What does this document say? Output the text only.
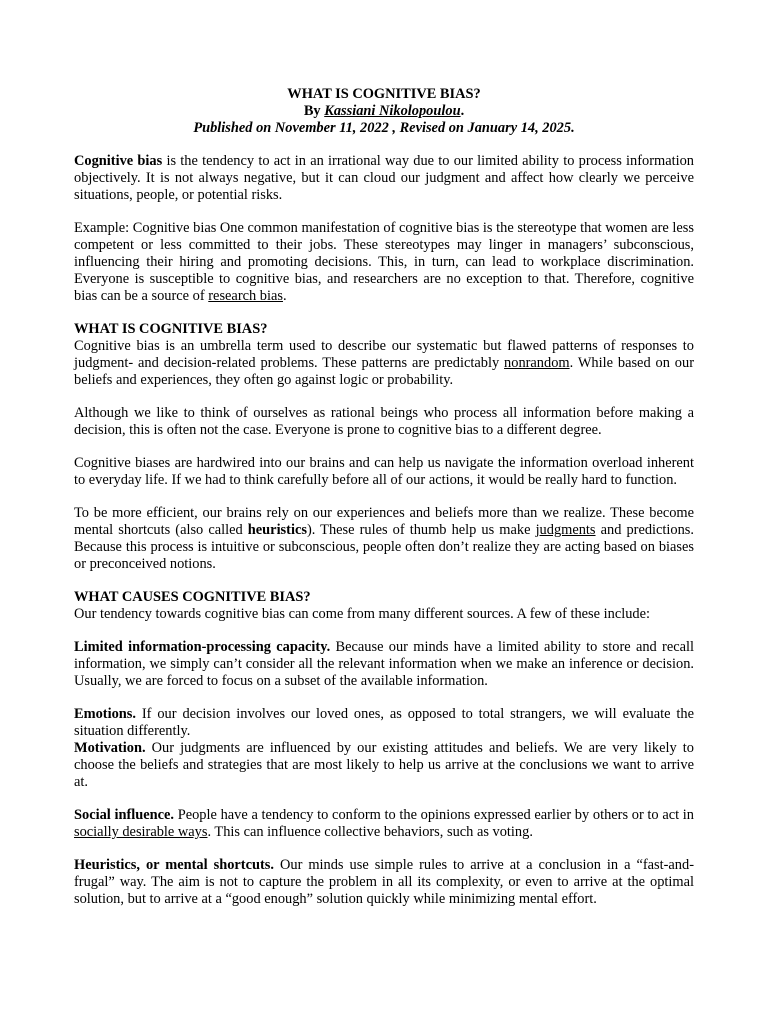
WHAT IS COGNITIVE BIAS?
By Kassiani Nikolopoulou.
Published on November 11, 2022 , Revised on January 14, 2025.

Cognitive bias is the tendency to act in an irrational way due to our limited ability to process information objectively. It is not always negative, but it can cloud our judgment and affect how clearly we perceive situations, people, or potential risks.

Example: Cognitive bias One common manifestation of cognitive bias is the stereotype that women are less competent or less committed to their jobs. These stereotypes may linger in managers’ subconscious, influencing their hiring and promoting decisions. This, in turn, can lead to workplace discrimination. Everyone is susceptible to cognitive bias, and researchers are no exception to that. Therefore, cognitive bias can be a source of research bias.

WHAT IS COGNITIVE BIAS?

Cognitive bias is an umbrella term used to describe our systematic but flawed patterns of responses to judgment- and decision-related problems. These patterns are predictably nonrandom. While based on our beliefs and experiences, they often go against logic or probability.

Although we like to think of ourselves as rational beings who process all information before making a decision, this is often not the case. Everyone is prone to cognitive bias to a different degree.

Cognitive biases are hardwired into our brains and can help us navigate the information overload inherent to everyday life. If we had to think carefully before all of our actions, it would be really hard to function.

To be more efficient, our brains rely on our experiences and beliefs more than we realize. These become mental shortcuts (also called heuristics). These rules of thumb help us make judgments and predictions. Because this process is intuitive or subconscious, people often don’t realize they are acting based on biases or preconceived notions.

WHAT CAUSES COGNITIVE BIAS?

Our tendency towards cognitive bias can come from many different sources. A few of these include:

Limited information-processing capacity. Because our minds have a limited ability to store and recall information, we simply can’t consider all the relevant information when we make an inference or decision. Usually, we are forced to focus on a subset of the available information.

Emotions. If our decision involves our loved ones, as opposed to total strangers, we will evaluate the situation differently.

Motivation. Our judgments are influenced by our existing attitudes and beliefs. We are very likely to choose the beliefs and strategies that are most likely to help us arrive at the conclusions we want to arrive at.

Social influence. People have a tendency to conform to the opinions expressed earlier by others or to act in socially desirable ways. This can influence collective behaviors, such as voting.

Heuristics, or mental shortcuts. Our minds use simple rules to arrive at a conclusion in a “fast-and-frugal” way. The aim is not to capture the problem in all its complexity, or even to arrive at the optimal solution, but to arrive at a “good enough” solution quickly while minimizing mental effort.
